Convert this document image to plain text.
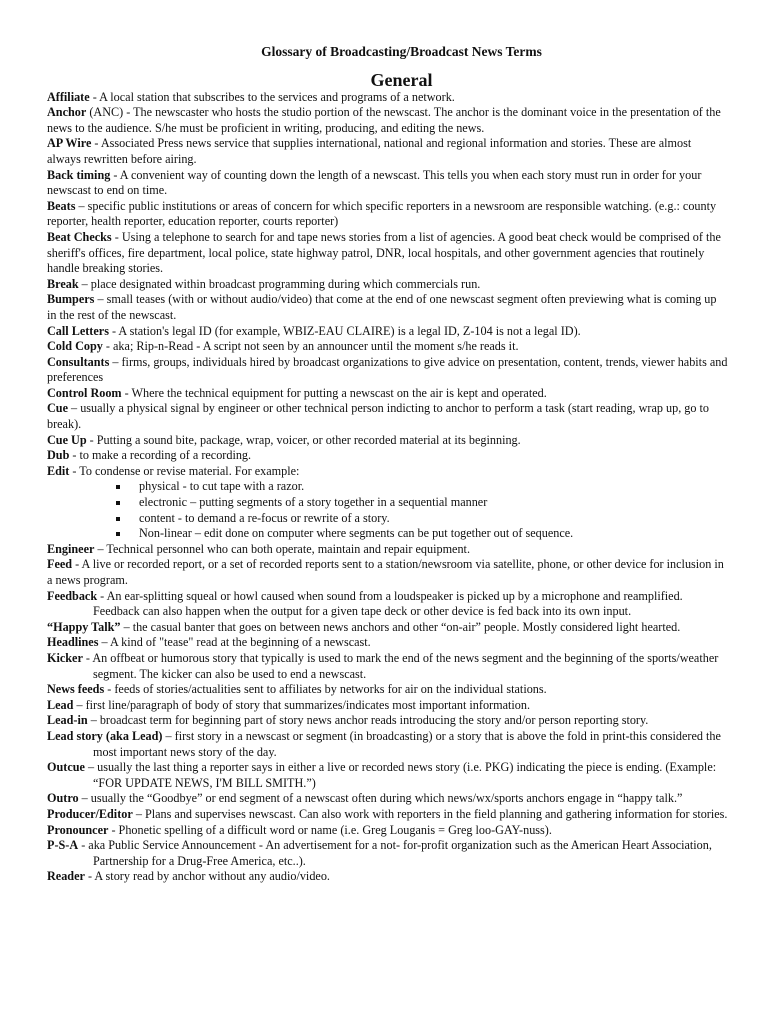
Glossary of Broadcasting/Broadcast News Terms
General
Affiliate - A local station that subscribes to the services and programs of a network.
Anchor (ANC) - The newscaster who hosts the studio portion of the newscast. The anchor is the dominant voice in the presentation of the news to the audience. S/he must be proficient in writing, producing, and editing the news.
AP Wire - Associated Press news service that supplies international, national and regional information and stories. These are almost always rewritten before airing.
Back timing - A convenient way of counting down the length of a newscast. This tells you when each story must run in order for your newscast to end on time.
Beats – specific public institutions or areas of concern for which specific reporters in a newsroom are responsible watching. (e.g.: county reporter, health reporter, education reporter, courts reporter)
Beat Checks - Using a telephone to search for and tape news stories from a list of agencies. A good beat check would be comprised of the sheriff's offices, fire department, local police, state highway patrol, DNR, local hospitals, and other government agencies that routinely handle breaking stories.
Break – place designated within broadcast programming during which commercials run.
Bumpers – small teases (with or without audio/video) that come at the end of one newscast segment often previewing what is coming up in the rest of the newscast.
Call Letters - A station's legal ID (for example, WBIZ-EAU CLAIRE) is a legal ID, Z-104 is not a legal ID).
Cold Copy - aka; Rip-n-Read - A script not seen by an announcer until the moment s/he reads it.
Consultants – firms, groups, individuals hired by broadcast organizations to give advice on presentation, content, trends, viewer habits and preferences
Control Room - Where the technical equipment for putting a newscast on the air is kept and operated.
Cue – usually a physical signal by engineer or other technical person indicting to anchor to perform a task (start reading, wrap up, go to break).
Cue Up - Putting a sound bite, package, wrap, voicer, or other recorded material at its beginning.
Dub - to make a recording of a recording.
Edit - To condense or revise material. For example:
physical - to cut tape with a razor.
electronic – putting segments of a story together in a sequential manner
content - to demand a re-focus or rewrite of a story.
Non-linear – edit done on computer where segments can be put together out of sequence.
Engineer – Technical personnel who can both operate, maintain and repair equipment.
Feed - A live or recorded report, or a set of recorded reports sent to a station/newsroom via satellite, phone, or other device for inclusion in a news program.
Feedback - An ear-splitting squeal or howl caused when sound from a loudspeaker is picked up by a microphone and reamplified. Feedback can also happen when the output for a given tape deck or other device is fed back into its own input.
“Happy Talk” – the casual banter that goes on between news anchors and other “on-air” people. Mostly considered light hearted.
Headlines – A kind of "tease" read at the beginning of a newscast.
Kicker - An offbeat or humorous story that typically is used to mark the end of the news segment and the beginning of the sports/weather segment. The kicker can also be used to end a newscast.
News feeds - feeds of stories/actualities sent to affiliates by networks for air on the individual stations.
Lead – first line/paragraph of body of story that summarizes/indicates most important information.
Lead-in – broadcast term for beginning part of story news anchor reads introducing the story and/or person reporting story.
Lead story (aka Lead) – first story in a newscast or segment (in broadcasting) or a story that is above the fold in print-this considered the most important news story of the day.
Outcue – usually the last thing a reporter says in either a live or recorded news story (i.e. PKG) indicating the piece is ending. (Example: “FOR UPDATE NEWS, I'M BILL SMITH.”)
Outro – usually the “Goodbye” or end segment of a newscast often during which news/wx/sports anchors engage in “happy talk.”
Producer/Editor – Plans and supervises newscast. Can also work with reporters in the field planning and gathering information for stories.
Pronouncer - Phonetic spelling of a difficult word or name (i.e. Greg Louganis = Greg loo-GAY-nuss).
P-S-A - aka Public Service Announcement - An advertisement for a not- for-profit organization such as the American Heart Association, Partnership for a Drug-Free America, etc..).
Reader - A story read by anchor without any audio/video.
